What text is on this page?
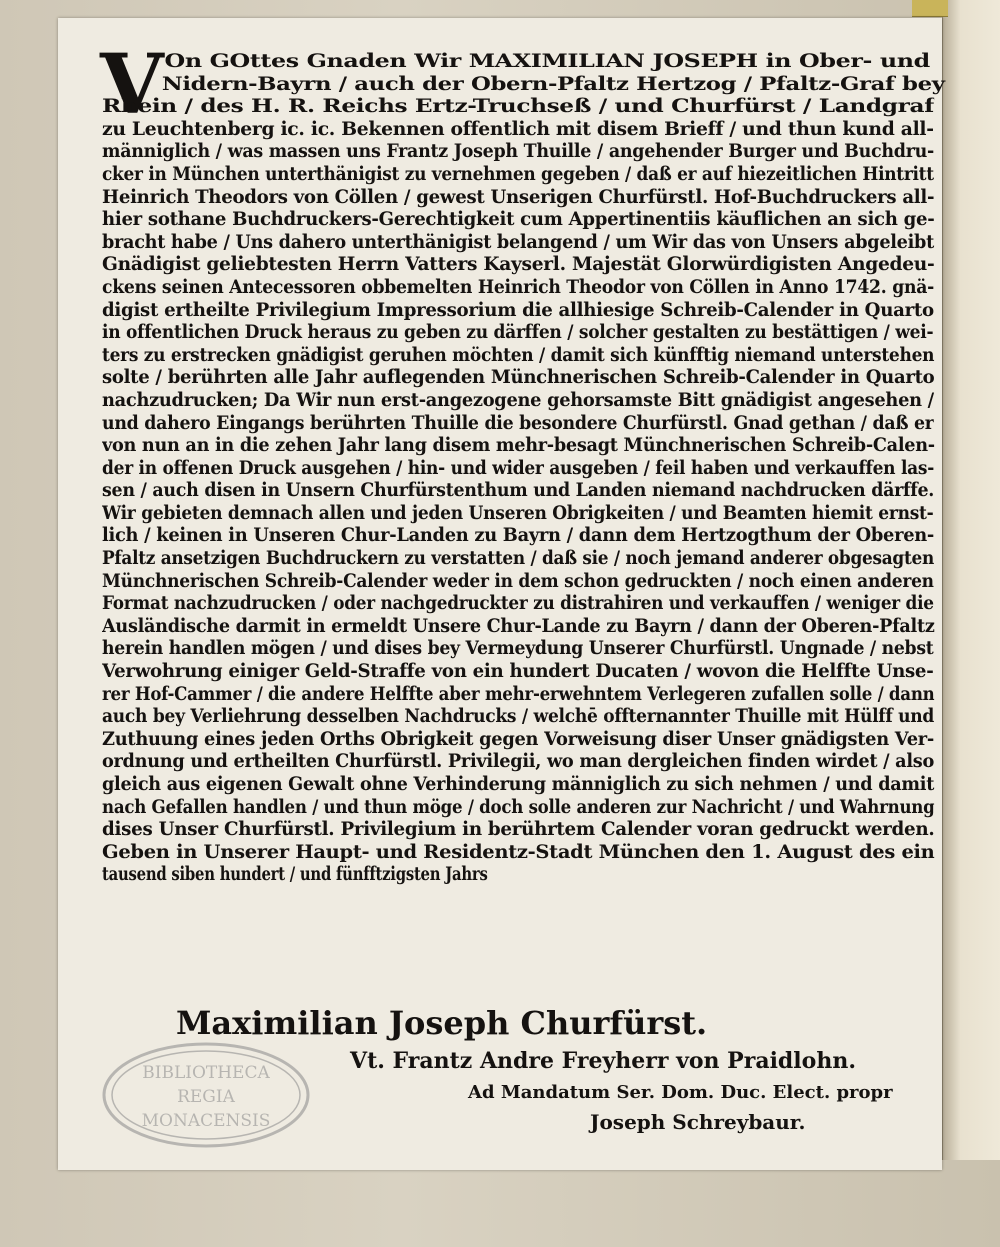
V On GOttes Gnaden Wir MAXIMILIAN JOSEPH in Ober- und
Nidern-Bayrn / auch der Obern-Pfaltz Hertzog / Pfaltz-Graf bey
Rhein / des H. R. Reichs Ertz-Truchseß / und Churfürst / Landgraf
zu Leuchtenberg ic. ic. Bekennen offentlich mit disem Brieff / und thun kund all-
männiglich / was massen uns Frantz Joseph Thuille / angehender Burger und Buchdru-
cker in München unterthänigist zu vernehmen gegeben / daß er auf hiezeitlichen Hintritt
Heinrich Theodors von Cöllen / gewest Unserigen Churfürstl. Hof-Buchdruckers all-
hier sothane Buchdruckers-Gerechtigkeit cum Appertinentiis käuflichen an sich ge-
bracht habe / Uns dahero unterthänigist belangend / um Wir das von Unsers abgeleibt
Gnädigist geliebtesten Herrn Vatters Kayserl. Majestät Glorwürdigisten Angedeu-
ckens seinen Antecessoren obbemelten Heinrich Theodor von Cöllen in Anno 1742. gnä-
digist ertheilte Privilegium Impressorium die allhiesige Schreib-Calender in Quarto
in offentlichen Druck heraus zu geben zu därffen / solcher gestalten zu bestättigen / wei-
ters zu erstrecken gnädigist geruhen möchten / damit sich künfftig niemand unterstehen
solte / berührten alle Jahr auflegenden Münchnerischen Schreib-Calender in Quarto
nachzudrucken; Da Wir nun erst-angezogene gehorsamste Bitt gnädigist angesehen /
und dahero Eingangs berührten Thuille die besondere Churfürstl. Gnad gethan / daß er
von nun an in die zehen Jahr lang disem mehr-besagt Münchnerischen Schreib-Calen-
der in offenen Druck ausgehen / hin- und wider ausgeben / feil haben und verkauffen las-
sen / auch disen in Unsern Churfürstenthum und Landen niemand nachdrucken därffe.
Wir gebieten demnach allen und jeden Unseren Obrigkeiten / und Beamten hiemit ernst-
lich / keinen in Unseren Chur-Landen zu Bayrn / dann dem Hertzogthum der Oberen-
Pfaltz ansetzigen Buchdruckern zu verstatten / daß sie / noch jemand anderer obgesagten
Münchnerischen Schreib-Calender weder in dem schon gedruckten / noch einen anderen
Format nachzudrucken / oder nachgedruckter zu distrahiren und verkauffen / weniger die
Ausländische darmit in ermeldt Unsere Chur-Lande zu Bayrn / dann der Oberen-Pfaltz
herein handlen mögen / und dises bey Vermeydung Unserer Churfürstl. Ungnade / nebst
Verwohrung einiger Geld-Straffe von ein hundert Ducaten / wovon die Helffte Unse-
rer Hof-Cammer / die andere Helffte aber mehr-erwehntem Verlegeren zufallen solle / dann
auch bey Verliehrung desselben Nachdrucks / welchē offternannter Thuille mit Hülff und
Zuthuung eines jeden Orths Obrigkeit gegen Vorweisung diser Unser gnädigsten Ver-
ordnung und ertheilten Churfürstl. Privilegii, wo man dergleichen finden wirdet / also
gleich aus eigenen Gewalt ohne Verhinderung männiglich zu sich nehmen / und damit
nach Gefallen handlen / und thun möge / doch solle anderen zur Nachricht / und Wahrnung
dises Unser Churfürstl. Privilegium in berührtem Calender voran gedruckt werden.
Geben in Unserer Haupt- und Residentz-Stadt München den 1. August des ein
tausend siben hundert / und fünfftzigsten Jahrs
Maximilian Joseph Churfürst.
Vt. Frantz Andre Freyherr von Praidlohn.
Ad Mandatum Ser. Dom. Duc. Elect. propr
Joseph Schreybaur.
BIBLIOTHECA
REGIA
MONACENSIS
